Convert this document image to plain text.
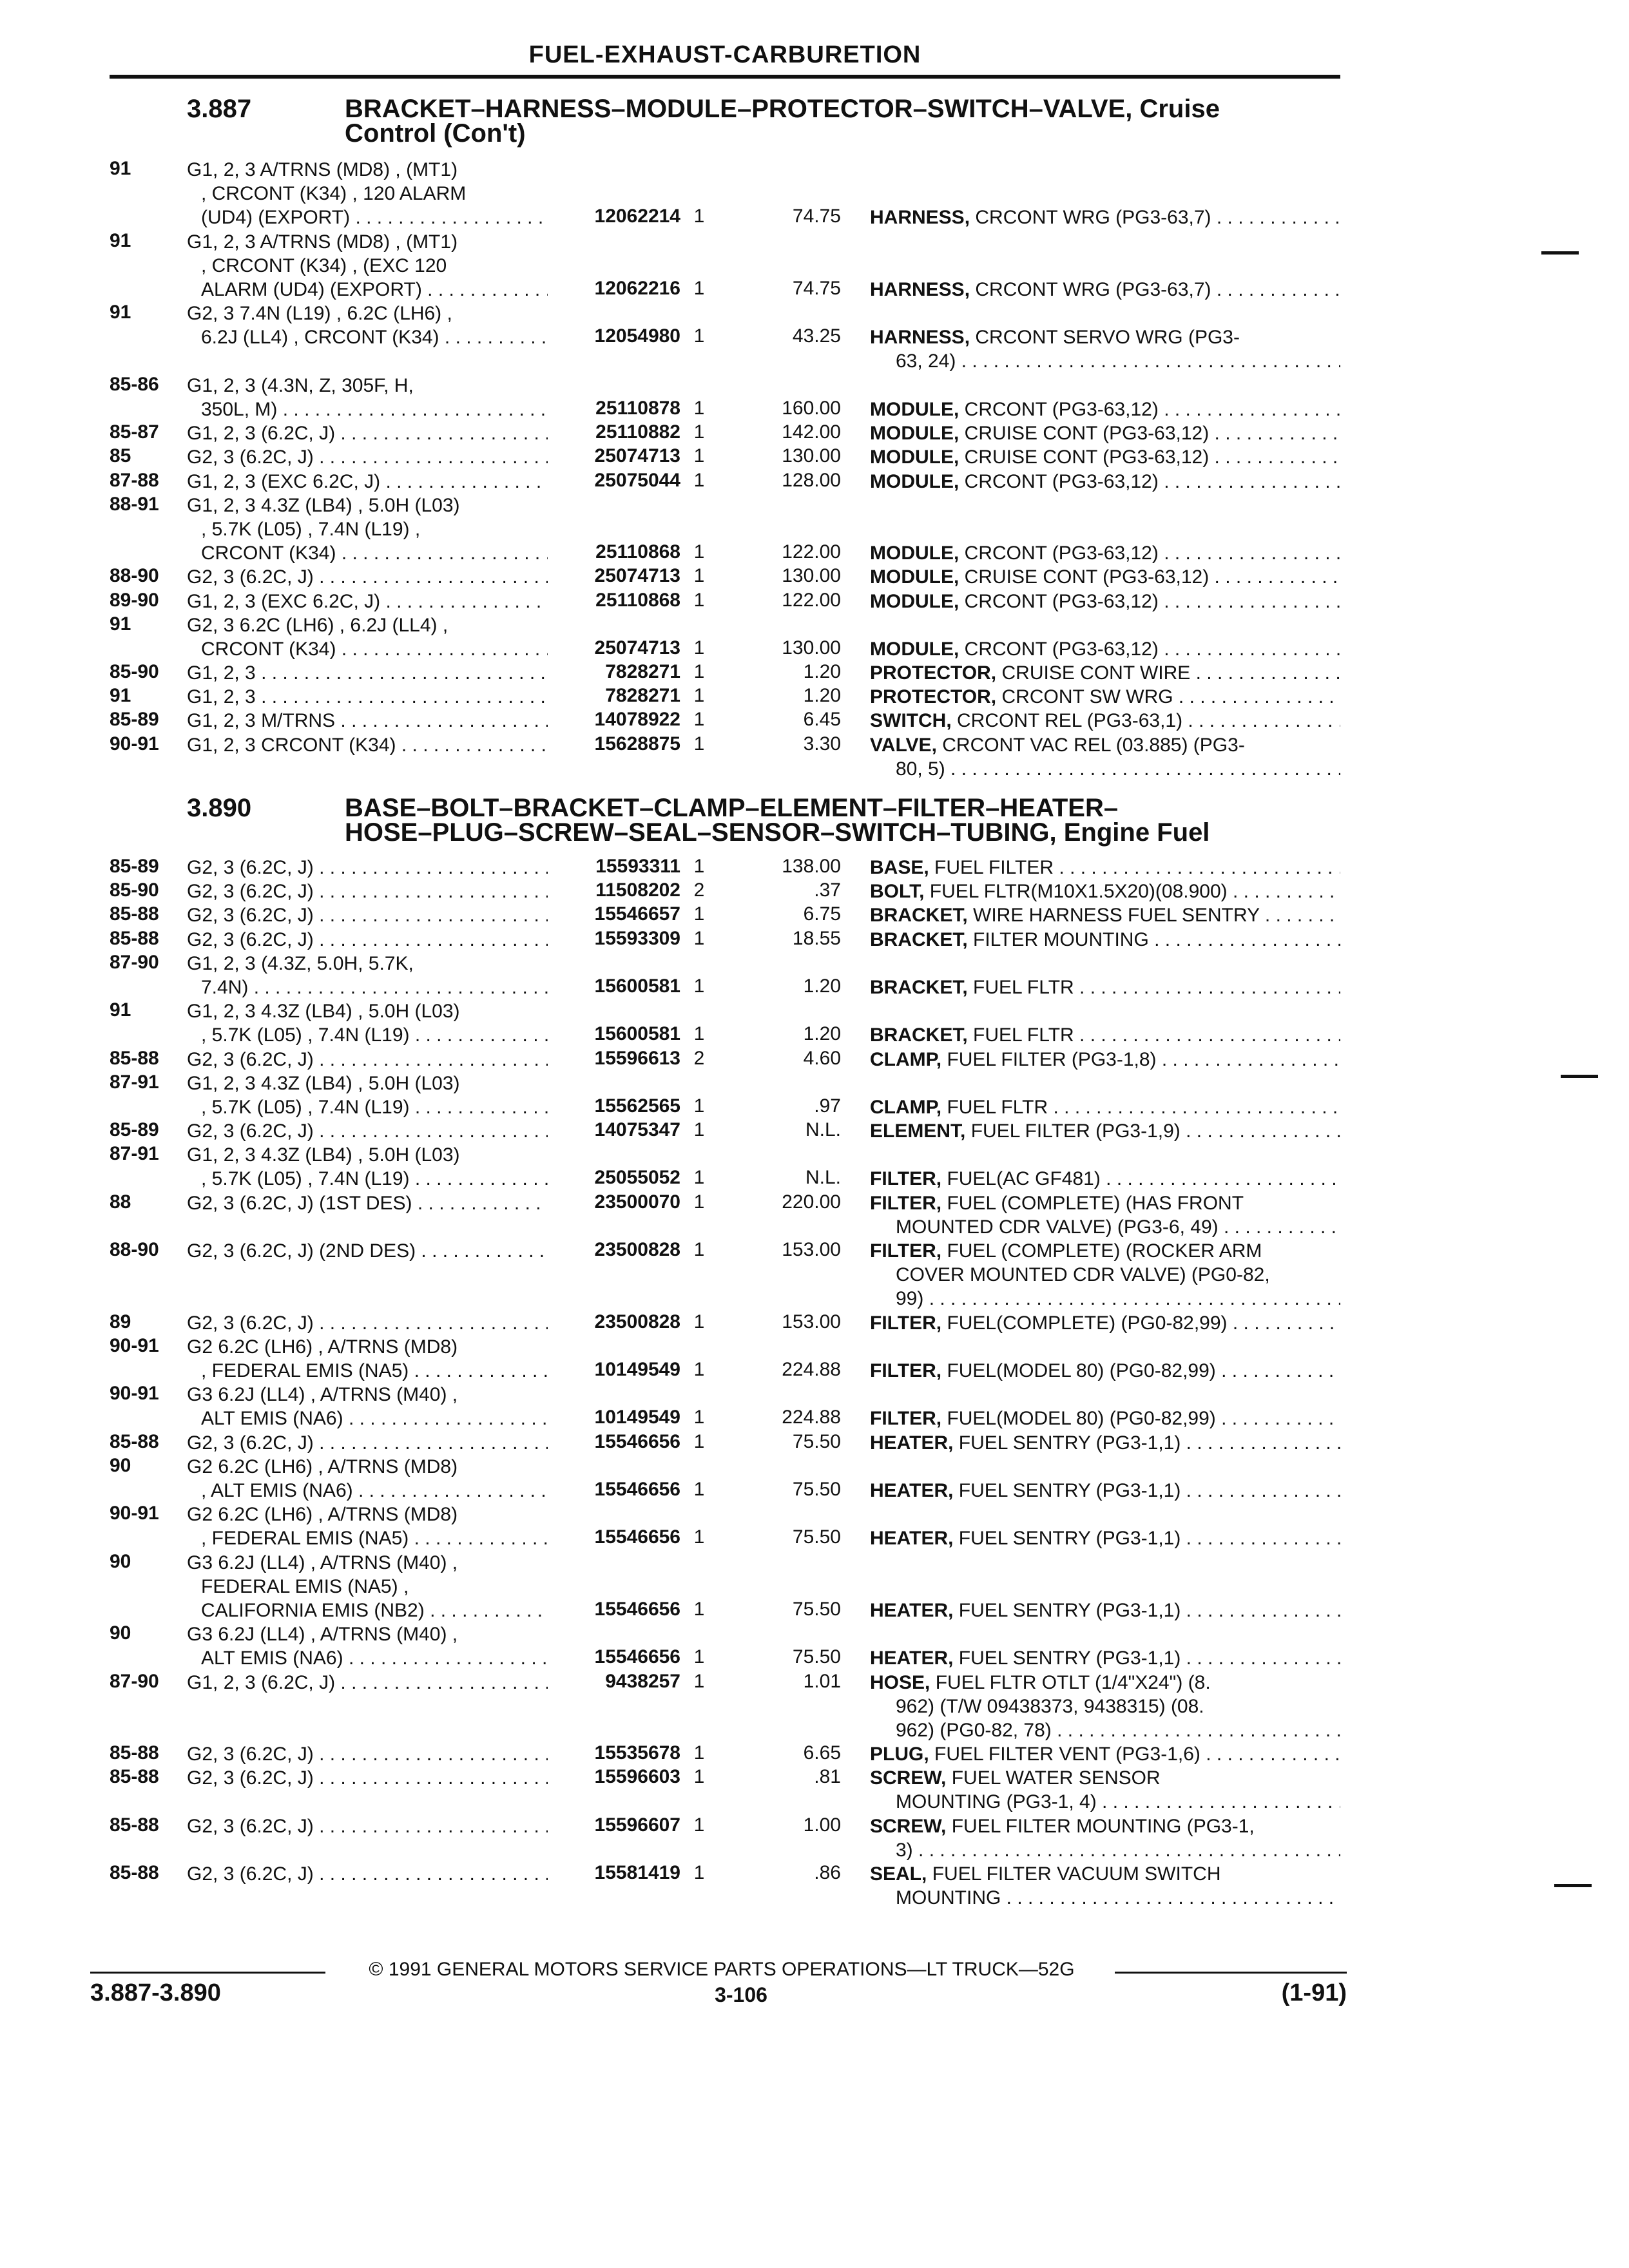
FUEL-EXHAUST-CARBURETION
3.887	BRACKET–HARNESS–MODULE–PROTECTOR–SWITCH–VALVE, Cruise
Control (Con't)
91	G1, 2, 3 A/TRNS (MD8) , (MT1)
, CRCONT (K34) , 120 ALARM
(UD4) (EXPORT) . . .	12062214 1	74.75 HARNESS, CRCONT WRG (PG3-63,7) . . .
91	G1, 2, 3 A/TRNS (MD8) , (MT1)
, CRCONT (K34) , (EXC 120
ALARM (UD4) (EXPORT) . . .	12062216 1	74.75 HARNESS, CRCONT WRG (PG3-63,7) . . .
91	G2, 3 7.4N (L19) , 6.2C (LH6) ,
6.2J (LL4) , CRCONT (K34) . . .	12054980 1	43.25 HARNESS, CRCONT SERVO WRG (PG3-
63, 24) . . .
85-86 G1, 2, 3 (4.3N, Z, 305F, H,
350L, M) . . .	25110878 1	160.00 MODULE, CRCONT (PG3-63,12) . . .
85-87 G1, 2, 3 (6.2C, J) . . .	25110882 1	142.00 MODULE, CRUISE CONT (PG3-63,12) . . .
85	G2, 3 (6.2C, J) . . .	25074713 1	130.00 MODULE, CRUISE CONT (PG3-63,12) . . .
87-88 G1, 2, 3 (EXC 6.2C, J) . . .	25075044 1	128.00 MODULE, CRCONT (PG3-63,12) . . .
88-91 G1, 2, 3 4.3Z (LB4) , 5.0H (L03)
, 5.7K (L05) , 7.4N (L19) ,
CRCONT (K34) . . .	25110868 1	122.00 MODULE, CRCONT (PG3-63,12) . . .
88-90 G2, 3 (6.2C, J) . . .	25074713 1	130.00 MODULE, CRUISE CONT (PG3-63,12) . . .
89-90 G1, 2, 3 (EXC 6.2C, J) . . .	25110868 1	122.00 MODULE, CRCONT (PG3-63,12) . . .
91	G2, 3 6.2C (LH6) , 6.2J (LL4) ,
CRCONT (K34) . . .	25074713 1	130.00 MODULE, CRCONT (PG3-63,12) . . .
85-90 G1, 2, 3 . . .	7828271 1	1.20 PROTECTOR, CRUISE CONT WIRE . . .
91	G1, 2, 3 . . .	7828271 1	1.20 PROTECTOR, CRCONT SW WRG . . .
85-89 G1, 2, 3 M/TRNS . . .	14078922 1	6.45 SWITCH, CRCONT REL (PG3-63,1) . . .
90-91 G1, 2, 3 CRCONT (K34) . . .	15628875 1	3.30 VALVE, CRCONT VAC REL (03.885) (PG3-
80, 5) . . .
3.890	BASE–BOLT–BRACKET–CLAMP–ELEMENT–FILTER–HEATER–
HOSE–PLUG–SCREW–SEAL–SENSOR–SWITCH–TUBING, Engine Fuel
85-89 G2, 3 (6.2C, J) . . .	15593311 1	138.00 BASE, FUEL FILTER . . .
85-90 G2, 3 (6.2C, J) . . .	11508202 2	.37 BOLT, FUEL FLTR(M10X1.5X20)(08.900) . . . .
85-88 G2, 3 (6.2C, J) . . .	15546657 1	6.75 BRACKET, WIRE HARNESS FUEL SENTRY . . .
85-88 G2, 3 (6.2C, J) . . .	15593309 1	18.55 BRACKET, FILTER MOUNTING . . .
87-90 G1, 2, 3 (4.3Z, 5.0H, 5.7K,
7.4N) . . .	15600581 1	1.20 BRACKET, FUEL FLTR . . .
91	G1, 2, 3 4.3Z (LB4) , 5.0H (L03)
, 5.7K (L05) , 7.4N (L19) . . .	15600581 1	1.20 BRACKET, FUEL FLTR . . .
85-88 G2, 3 (6.2C, J) . . .	15596613 2	4.60 CLAMP, FUEL FILTER (PG3-1,8) . . .
87-91 G1, 2, 3 4.3Z (LB4) , 5.0H (L03)
, 5.7K (L05) , 7.4N (L19) . . .	15562565 1	.97 CLAMP, FUEL FLTR . . .
85-89 G2, 3 (6.2C, J) . . .	14075347 1	N.L. ELEMENT, FUEL FILTER (PG3-1,9) . . .
87-91 G1, 2, 3 4.3Z (LB4) , 5.0H (L03)
, 5.7K (L05) , 7.4N (L19) . . .	25055052 1	N.L. FILTER, FUEL(AC GF481) . . .
88	G2, 3 (6.2C, J) (1ST DES) . . .	23500070 1	220.00 FILTER, FUEL (COMPLETE) (HAS FRONT
MOUNTED CDR VALVE) (PG3-6, 49) . . .
88-90 G2, 3 (6.2C, J) (2ND DES) . . .	23500828 1	153.00 FILTER, FUEL (COMPLETE) (ROCKER ARM
COVER MOUNTED CDR VALVE) (PG0-82,
99) . . .
89	G2, 3 (6.2C, J) . . .	23500828 1	153.00 FILTER, FUEL(COMPLETE) (PG0-82,99) . . .
90-91 G2 6.2C (LH6) , A/TRNS (MD8)
, FEDERAL EMIS (NA5) . . .	10149549 1	224.88 FILTER, FUEL(MODEL 80) (PG0-82,99) . . .
90-91 G3 6.2J (LL4) , A/TRNS (M40) ,
ALT EMIS (NA6) . . .	10149549 1	224.88 FILTER, FUEL(MODEL 80) (PG0-82,99) . . .
85-88 G2, 3 (6.2C, J) . . .	15546656 1	75.50 HEATER, FUEL SENTRY (PG3-1,1) . . .
90	G2 6.2C (LH6) , A/TRNS (MD8)
, ALT EMIS (NA6) . . .	15546656 1	75.50 HEATER, FUEL SENTRY (PG3-1,1) . . .
90-91 G2 6.2C (LH6) , A/TRNS (MD8)
, FEDERAL EMIS (NA5) . . .	15546656 1	75.50 HEATER, FUEL SENTRY (PG3-1,1) . . .
90	G3 6.2J (LL4) , A/TRNS (M40) ,
FEDERAL EMIS (NA5) ,
CALIFORNIA EMIS (NB2) . . .	15546656 1	75.50 HEATER, FUEL SENTRY (PG3-1,1) . . .
90	G3 6.2J (LL4) , A/TRNS (M40) ,
ALT EMIS (NA6) . . .	15546656 1	75.50 HEATER, FUEL SENTRY (PG3-1,1) . . .
87-90 G1, 2, 3 (6.2C, J) . . .	9438257 1	1.01 HOSE, FUEL FLTR OTLT (1/4"X24") (8.
962) (T/W 09438373, 9438315) (08.
962) (PG0-82, 78) . . .
85-88 G2, 3 (6.2C, J) . . .	15535678 1	6.65 PLUG, FUEL FILTER VENT (PG3-1,6) . . .
85-88 G2, 3 (6.2C, J) . . .	15596603 1	.81 SCREW, FUEL WATER SENSOR
MOUNTING (PG3-1, 4) . . .
85-88 G2, 3 (6.2C, J) . . .	15596607 1	1.00 SCREW, FUEL FILTER MOUNTING (PG3-1,
3) . . .
85-88 G2, 3 (6.2C, J) . . .	15581419 1	.86 SEAL, FUEL FILTER VACUUM SWITCH
MOUNTING . . .
© 1991 GENERAL MOTORS SERVICE PARTS OPERATIONS—LT TRUCK—52G
3.887-3.890	3-106	(1-91)
